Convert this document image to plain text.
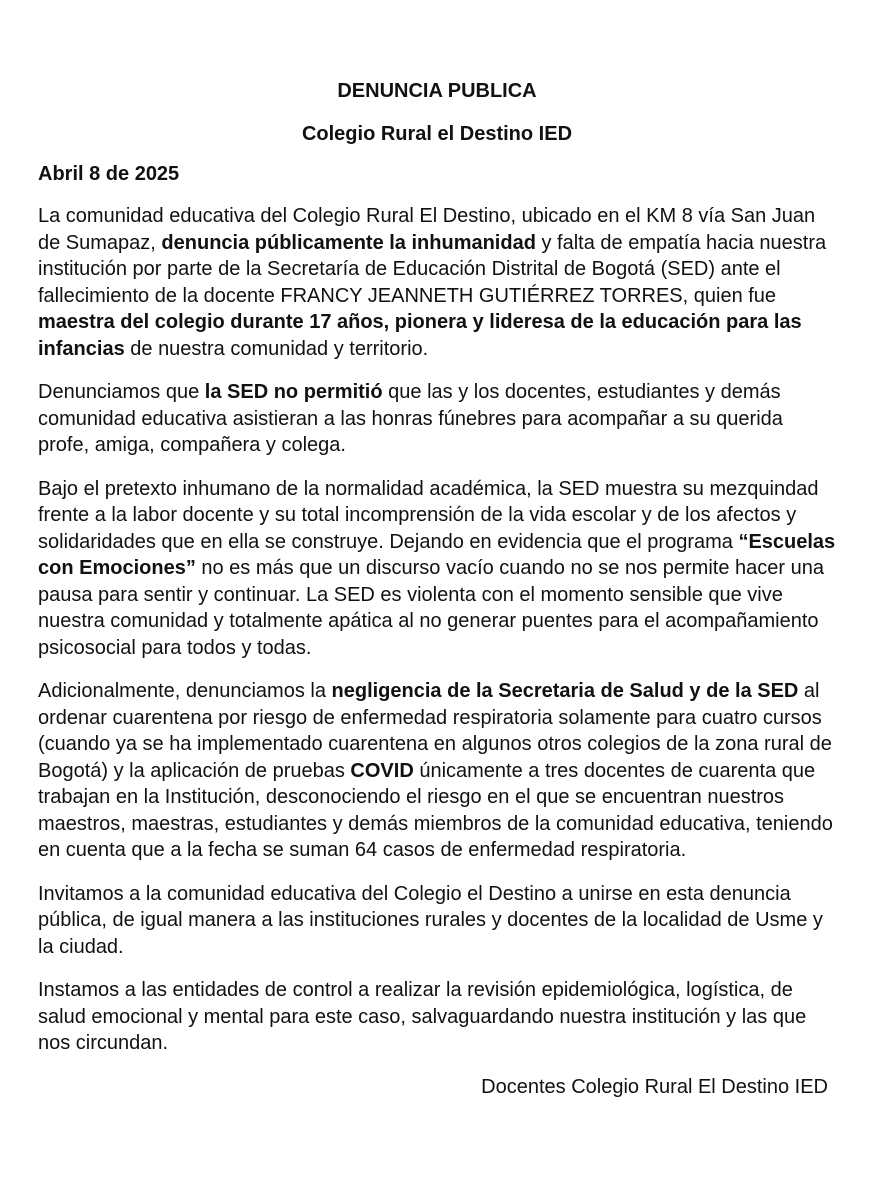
DENUNCIA PUBLICA
Colegio Rural el Destino IED
Abril 8 de 2025
La comunidad educativa del Colegio Rural El Destino, ubicado en el KM 8 vía San Juan de Sumapaz, denuncia públicamente la inhumanidad y falta de empatía hacia nuestra institución por parte de la Secretaría de Educación Distrital de Bogotá (SED) ante el fallecimiento de la docente FRANCY JEANNETH GUTIÉRREZ TORRES, quien fue maestra del colegio durante 17 años, pionera y lideresa de la educación para las infancias de nuestra comunidad y territorio.
Denunciamos que la SED no permitió que las y los docentes, estudiantes y demás comunidad educativa asistieran a las honras fúnebres para acompañar a su querida profe, amiga, compañera y colega.
Bajo el pretexto inhumano de la normalidad académica, la SED muestra su mezquindad frente a la labor docente y su total incomprensión de la vida escolar y de los afectos y solidaridades que en ella se construye. Dejando en evidencia que el programa “Escuelas con Emociones” no es más que un discurso vacío cuando no se nos permite hacer una pausa para sentir y continuar. La SED es violenta con el momento sensible que vive nuestra comunidad y totalmente apática al no generar puentes para el acompañamiento psicosocial para todos y todas.
Adicionalmente, denunciamos la negligencia de la Secretaria de Salud y de la SED al ordenar cuarentena por riesgo de enfermedad respiratoria solamente para cuatro cursos (cuando ya se ha implementado cuarentena en algunos otros colegios de la zona rural de Bogotá) y la aplicación de pruebas COVID únicamente a tres docentes de cuarenta que trabajan en la Institución, desconociendo el riesgo en el que se encuentran nuestros maestros, maestras, estudiantes y demás miembros de la comunidad educativa, teniendo en cuenta que a la fecha se suman 64 casos de enfermedad respiratoria.
Invitamos a la comunidad educativa del Colegio el Destino a unirse en esta denuncia pública, de igual manera a las instituciones rurales y docentes de la localidad de Usme y la ciudad.
Instamos a las entidades de control a realizar la revisión epidemiológica, logística, de salud emocional y mental para este caso, salvaguardando nuestra institución y las que nos circundan.
Docentes Colegio Rural El Destino IED
